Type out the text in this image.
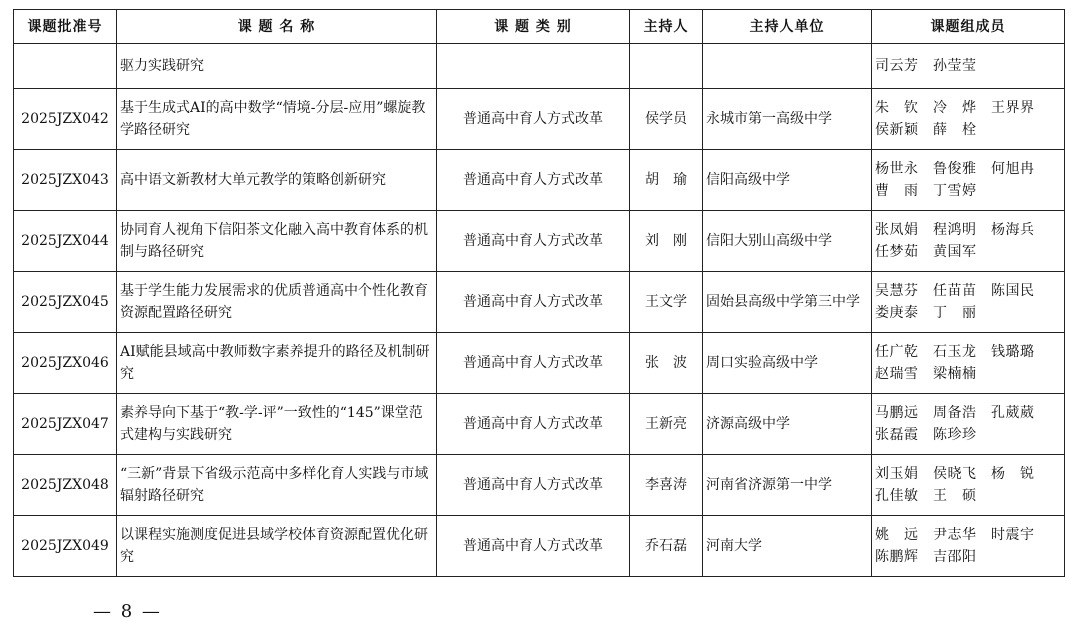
课题批准号	课 题 名 称	课 题 类 别	主持人	主持人单位	课题组成员
	驱力实践研究				司云芳　孙莹莹

2025JZX042	基于生成式AI的高中数学“情境-分层-应用”螺旋教学路径研究	普通高中育人方式改革	侯学员	永城市第一高级中学	朱　钦　冷　烨　王界界
侯新颖　薛　栓

2025JZX043	高中语文新教材大单元教学的策略创新研究	普通高中育人方式改革	胡　瑜	信阳高级中学	杨世永　鲁俊雅　何旭冉
曹　雨　丁雪婷

2025JZX044	协同育人视角下信阳茶文化融入高中教育体系的机制与路径研究	普通高中育人方式改革	刘　刚	信阳大别山高级中学	张凤娟　程鸿明　杨海兵
任梦茹　黄国军

2025JZX045	基于学生能力发展需求的优质普通高中个性化教育资源配置路径研究	普通高中育人方式改革	王文学	固始县高级中学第三中学	吴慧芬　任苗苗　陈国民
娄庚泰　丁　丽

2025JZX046	AI赋能县域高中教师数字素养提升的路径及机制研究	普通高中育人方式改革	张　波	周口实验高级中学	任广乾　石玉龙　钱璐璐
赵瑞雪　梁楠楠

2025JZX047	素养导向下基于“教-学-评”一致性的“145”课堂范式建构与实践研究	普通高中育人方式改革	王新亮	济源高级中学	马鹏远　周备浩　孔葳葳
张磊霞　陈珍珍

2025JZX048	“三新”背景下省级示范高中多样化育人实践与市域辐射路径研究	普通高中育人方式改革	李喜涛	河南省济源第一中学	刘玉娟　侯晓飞　杨　锐
孔佳敏　王　硕

2025JZX049	以课程实施测度促进县域学校体育资源配置优化研究	普通高中育人方式改革	乔石磊	河南大学	姚　远　尹志华　时震宇
陈鹏辉　吉邵阳
— 8 —
